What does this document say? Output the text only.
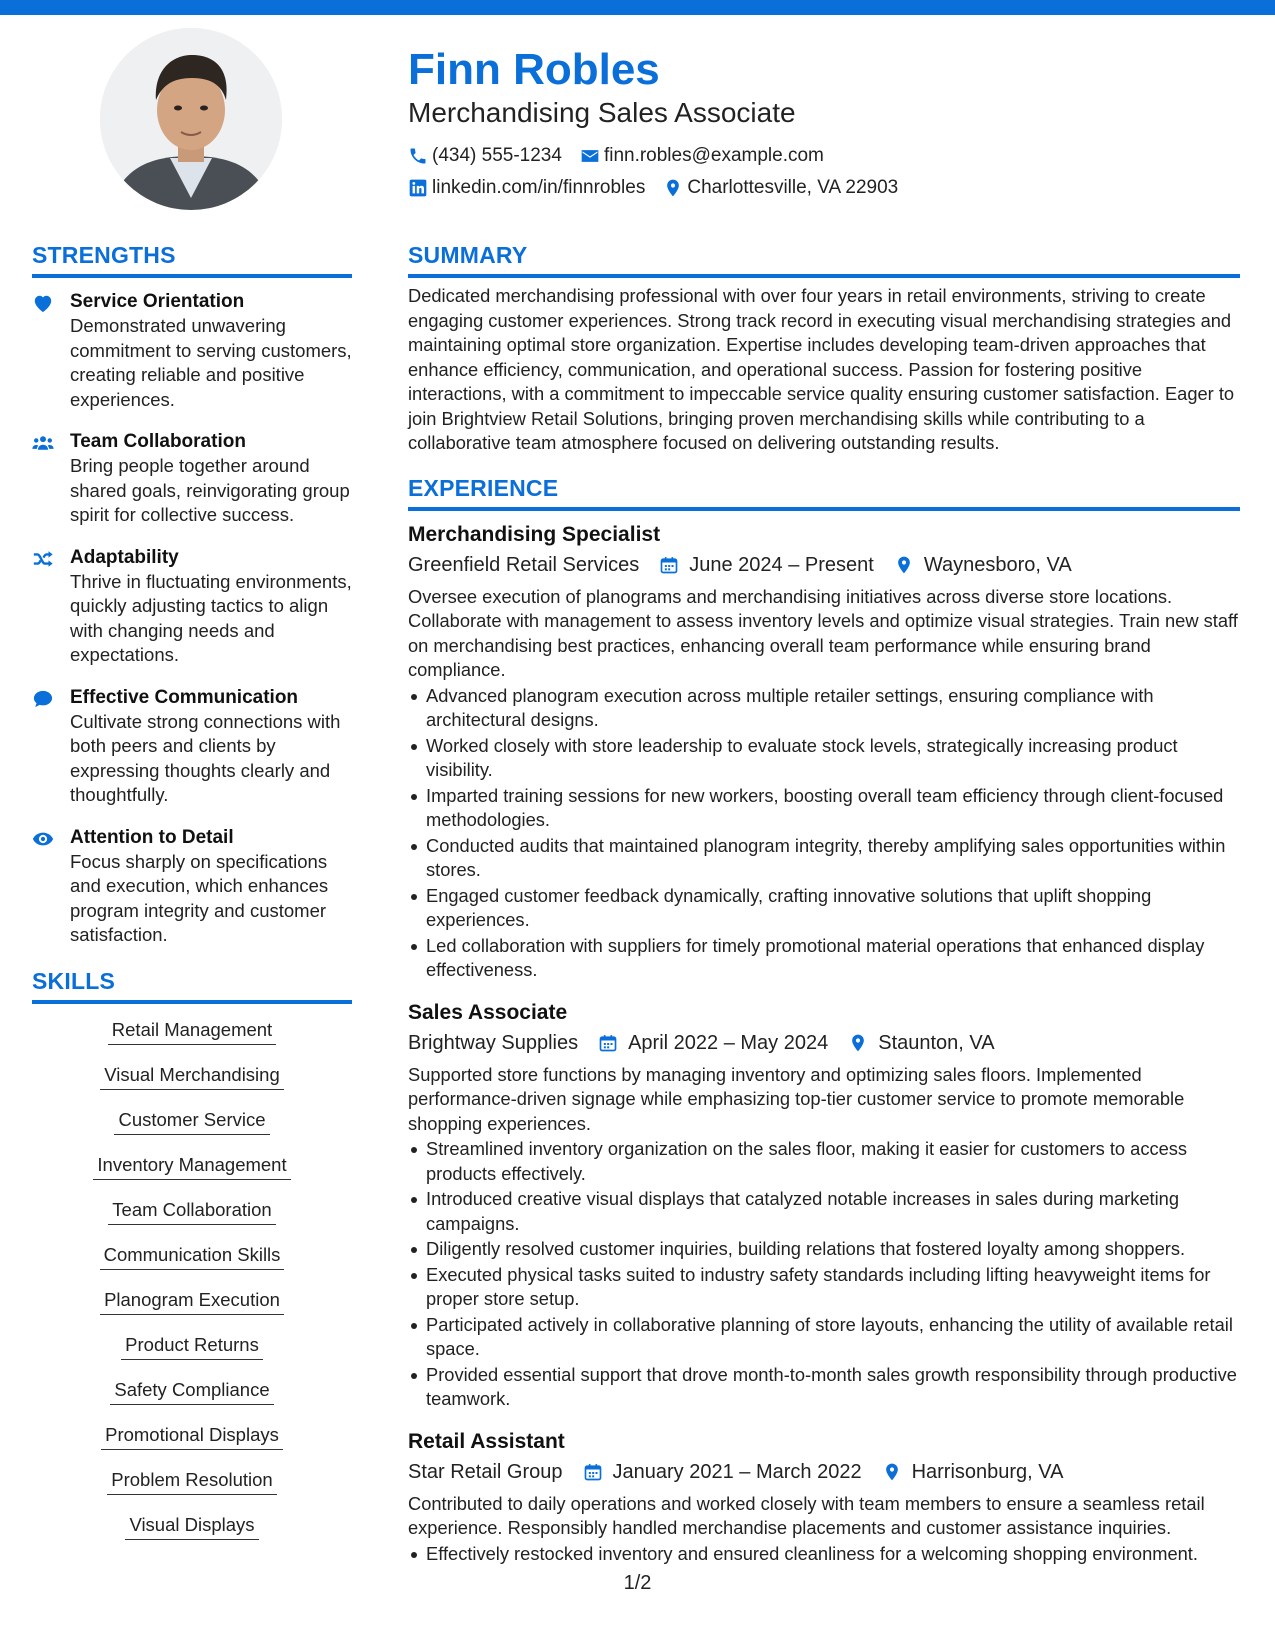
Finn Robles
Merchandising Sales Associate
(434) 555-1234 finn.robles@example.com
linkedin.com/in/finnrobles Charlottesville, VA 22903
STRENGTHS
Service Orientation
Demonstrated unwavering commitment to serving customers, creating reliable and positive experiences.
Team Collaboration
Bring people together around shared goals, reinvigorating group spirit for collective success.
Adaptability
Thrive in fluctuating environments, quickly adjusting tactics to align with changing needs and expectations.
Effective Communication
Cultivate strong connections with both peers and clients by expressing thoughts clearly and thoughtfully.
Attention to Detail
Focus sharply on specifications and execution, which enhances program integrity and customer satisfaction.
SKILLS
Retail Management
Visual Merchandising
Customer Service
Inventory Management
Team Collaboration
Communication Skills
Planogram Execution
Product Returns
Safety Compliance
Promotional Displays
Problem Resolution
Visual Displays
SUMMARY
Dedicated merchandising professional with over four years in retail environments, striving to create engaging customer experiences. Strong track record in executing visual merchandising strategies and maintaining optimal store organization. Expertise includes developing team-driven approaches that enhance efficiency, communication, and operational success. Passion for fostering positive interactions, with a commitment to impeccable service quality ensuring customer satisfaction. Eager to join Brightview Retail Solutions, bringing proven merchandising skills while contributing to a collaborative team atmosphere focused on delivering outstanding results.
EXPERIENCE
Merchandising Specialist
Greenfield Retail Services	June 2024 – Present	Waynesboro, VA
Oversee execution of planograms and merchandising initiatives across diverse store locations. Collaborate with management to assess inventory levels and optimize visual strategies. Train new staff on merchandising best practices, enhancing overall team performance while ensuring brand compliance.
Advanced planogram execution across multiple retailer settings, ensuring compliance with architectural designs.
Worked closely with store leadership to evaluate stock levels, strategically increasing product visibility.
Imparted training sessions for new workers, boosting overall team efficiency through client-focused methodologies.
Conducted audits that maintained planogram integrity, thereby amplifying sales opportunities within stores.
Engaged customer feedback dynamically, crafting innovative solutions that uplift shopping experiences.
Led collaboration with suppliers for timely promotional material operations that enhanced display effectiveness.
Sales Associate
Brightway Supplies	April 2022 – May 2024	Staunton, VA
Supported store functions by managing inventory and optimizing sales floors. Implemented performance-driven signage while emphasizing top-tier customer service to promote memorable shopping experiences.
Streamlined inventory organization on the sales floor, making it easier for customers to access products effectively.
Introduced creative visual displays that catalyzed notable increases in sales during marketing campaigns.
Diligently resolved customer inquiries, building relations that fostered loyalty among shoppers.
Executed physical tasks suited to industry safety standards including lifting heavyweight items for proper store setup.
Participated actively in collaborative planning of store layouts, enhancing the utility of available retail space.
Provided essential support that drove month-to-month sales growth responsibility through productive teamwork.
Retail Assistant
Star Retail Group	January 2021 – March 2022	Harrisonburg, VA
Contributed to daily operations and worked closely with team members to ensure a seamless retail experience. Responsibly handled merchandise placements and customer assistance inquiries.
Effectively restocked inventory and ensured cleanliness for a welcoming shopping environment.
1/2
